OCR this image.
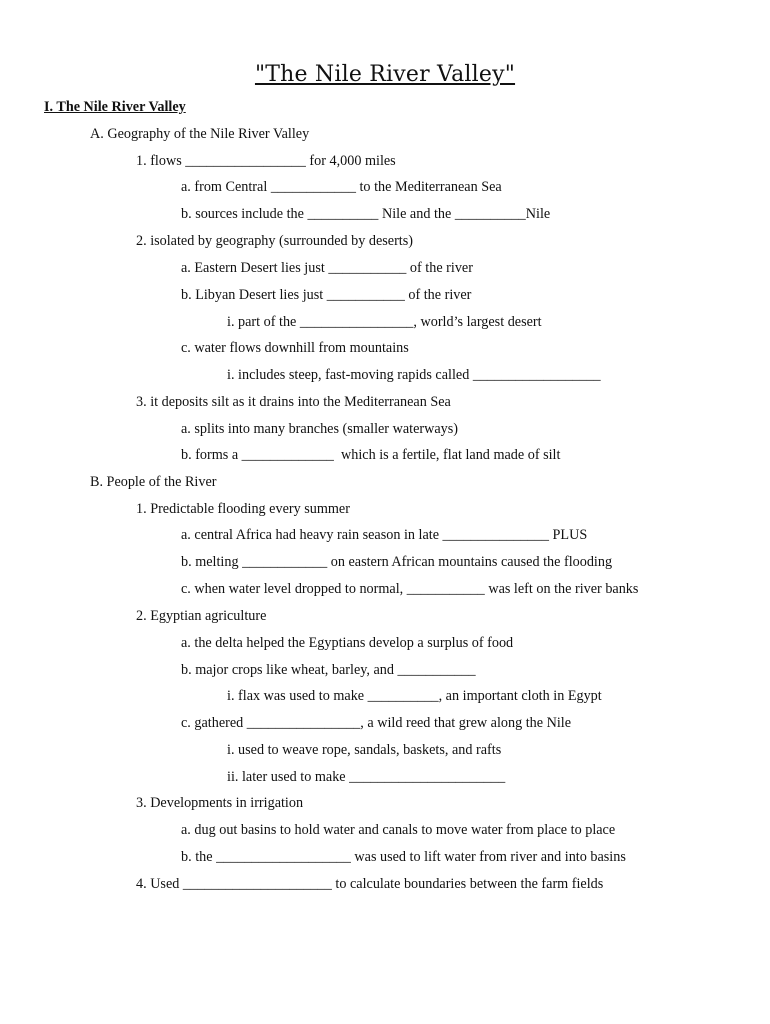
"The Nile River Valley"
I. The Nile River Valley
A. Geography of the Nile River Valley
1. flows _________________ for 4,000 miles
a. from Central ____________ to the Mediterranean Sea
b. sources include the __________ Nile and the __________Nile
2. isolated by geography (surrounded by deserts)
a. Eastern Desert lies just ___________ of the river
b. Libyan Desert lies just ___________ of the river
i. part of the ________________, world’s largest desert
c. water flows downhill from mountains
i. includes steep, fast-moving rapids called __________________
3. it deposits silt as it drains into the Mediterranean Sea
a. splits into many branches (smaller waterways)
b. forms a _____________  which is a fertile, flat land made of silt
B. People of the River
1. Predictable flooding every summer
a. central Africa had heavy rain season in late _______________ PLUS
b. melting ____________ on eastern African mountains caused the flooding
c. when water level dropped to normal, ___________ was left on the river banks
2. Egyptian agriculture
a. the delta helped the Egyptians develop a surplus of food
b. major crops like wheat, barley, and ___________
i. flax was used to make __________, an important cloth in Egypt
c. gathered ________________, a wild reed that grew along the Nile
i. used to weave rope, sandals, baskets, and rafts
ii. later used to make ______________________
3. Developments in irrigation
a. dug out basins to hold water and canals to move water from place to place
b. the ___________________ was used to lift water from river and into basins
4. Used _____________________ to calculate boundaries between the farm fields
